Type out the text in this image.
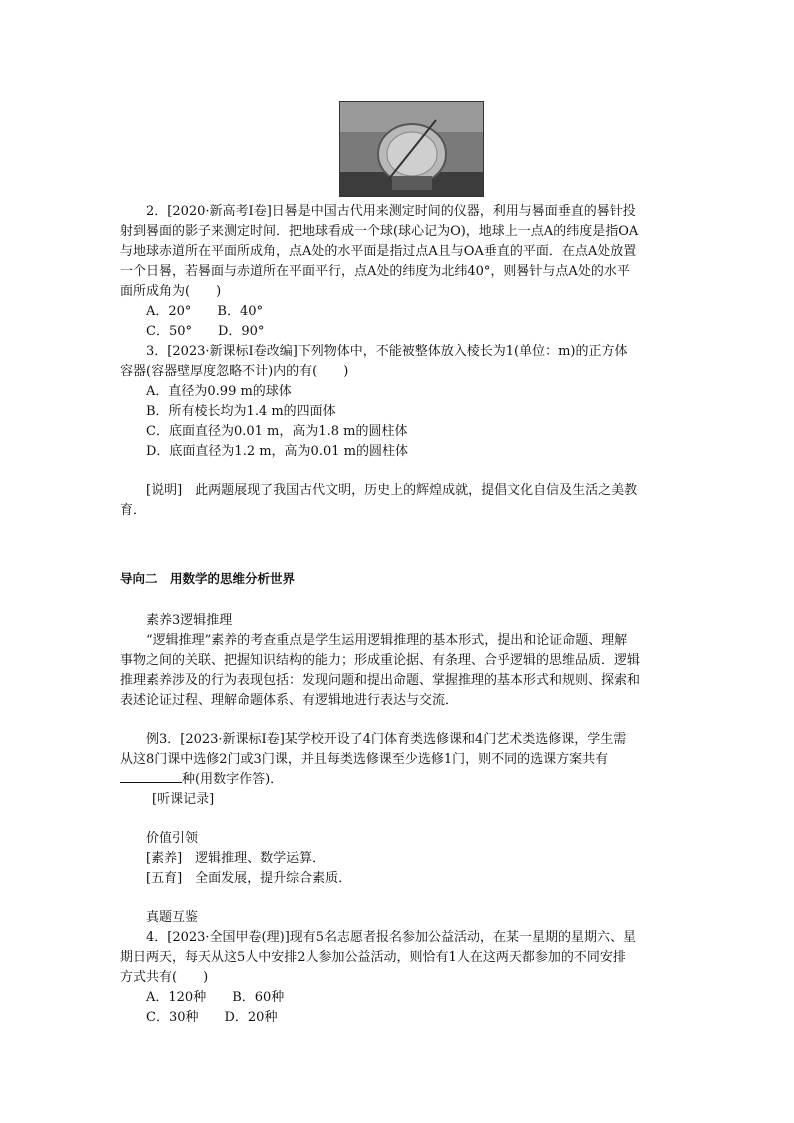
2．[2020·新高考Ⅰ卷]日晷是中国古代用来测定时间的仪器，利用与晷面垂直的晷针投
射到晷面的影子来测定时间．把地球看成一个球(球心记为O)，地球上一点A的纬度是指OA
与地球赤道所在平面所成角，点A处的水平面是指过点A且与OA垂直的平面．在点A处放置
一个日晷，若晷面与赤道所在平面平行，点A处的纬度为北纬40°，则晷针与点A处的水平
面所成角为(　　)
A．20°　　B．40°
C．50°　　D．90°
3．[2023·新课标Ⅰ卷改编]下列物体中，不能被整体放入棱长为1(单位：m)的正方体
容器(容器壁厚度忽略不计)内的有(　　)
A．直径为0.99 m的球体
B．所有棱长均为1.4 m的四面体
C．底面直径为0.01 m，高为1.8 m的圆柱体
D．底面直径为1.2 m，高为0.01 m的圆柱体
[说明]　此两题展现了我国古代文明，历史上的辉煌成就，提倡文化自信及生活之美教
育．
导向二　用数学的思维分析世界
素养3逻辑推理
“逻辑推理”素养的考查重点是学生运用逻辑推理的基本形式，提出和论证命题、理解
事物之间的关联、把握知识结构的能力；形成重论据、有条理、合乎逻辑的思维品质．逻辑
推理素养涉及的行为表现包括：发现问题和提出命题、掌握推理的基本形式和规则、探索和
表述论证过程、理解命题体系、有逻辑地进行表达与交流．
例3．[2023·新课标Ⅰ卷]某学校开设了4门体育类选修课和4门艺术类选修课，学生需
从这8门课中选修2门或3门课，并且每类选修课至少选修1门，则不同的选课方案共有
种(用数字作答)．
[听课记录]
价值引领
[素养]　逻辑推理、数学运算．
[五育]　全面发展，提升综合素质．
真题互鉴
4．[2023·全国甲卷(理)]现有5名志愿者报名参加公益活动，在某一星期的星期六、星
期日两天，每天从这5人中安排2人参加公益活动，则恰有1人在这两天都参加的不同安排
方式共有(　　)
A．120种　　B．60种
C．30种　　D．20种
